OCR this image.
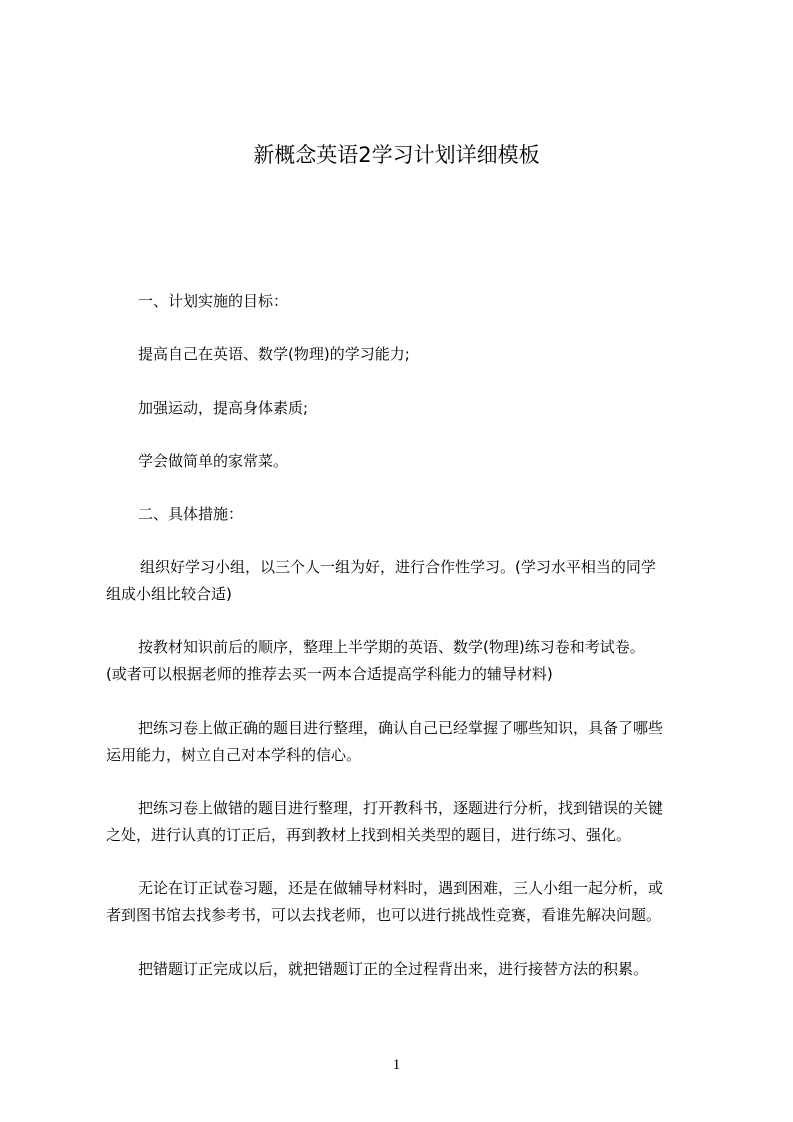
新概念英语2学习计划详细模板

一、计划实施的目标：

提高自己在英语、数学(物理)的学习能力;

加强运动，提高身体素质;

学会做简单的家常菜。

二、具体措施：

组织好学习小组，以三个人一组为好，进行合作性学习。(学习水平相当的同学
组成小组比较合适)
按教材知识前后的顺序，整理上半学期的英语、数学(物理)练习卷和考试卷。
(或者可以根据老师的推荐去买一两本合适提高学科能力的辅导材料)
把练习卷上做正确的题目进行整理，确认自己已经掌握了哪些知识，具备了哪些
运用能力，树立自己对本学科的信心。
把练习卷上做错的题目进行整理，打开教科书，逐题进行分析，找到错误的关键
之处，进行认真的订正后，再到教材上找到相关类型的题目，进行练习、强化。
无论在订正试卷习题，还是在做辅导材料时，遇到困难，三人小组一起分析，或
者到图书馆去找参考书，可以去找老师，也可以进行挑战性竞赛，看谁先解决问题。
把错题订正完成以后，就把错题订正的全过程背出来，进行接替方法的积累。
1
